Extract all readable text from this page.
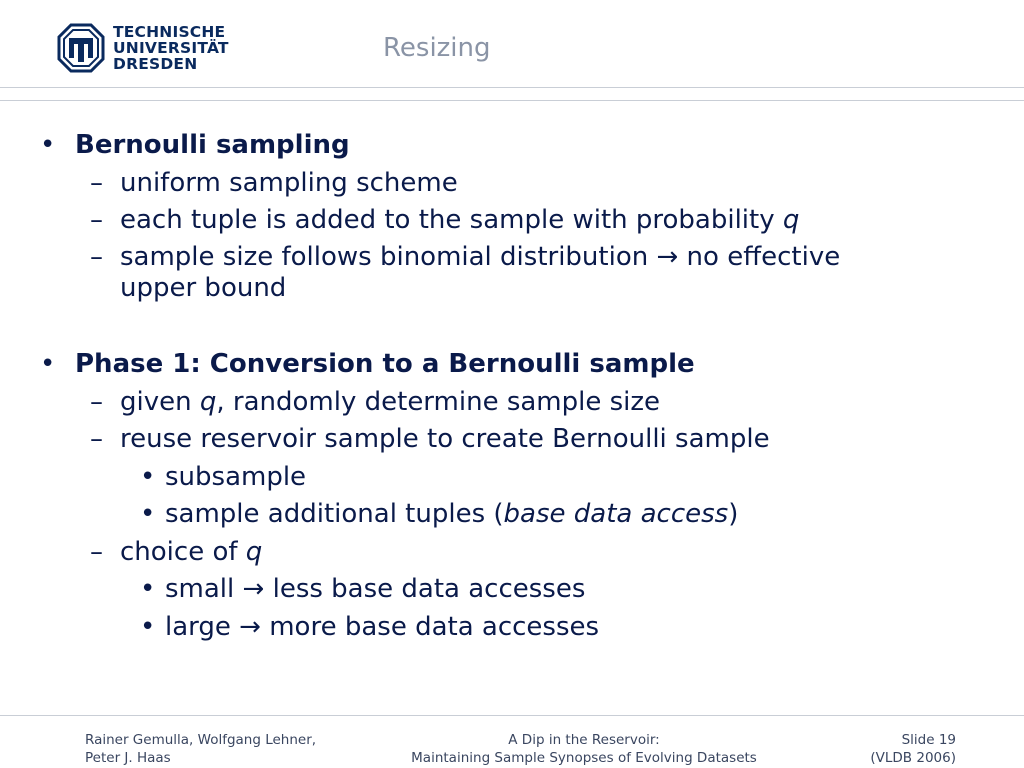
TECHNISCHE
UNIVERSITÄT
DRESDEN
Resizing
• Bernoulli sampling
– uniform sampling scheme
– each tuple is added to the sample with probability q
– sample size follows binomial distribution → no effective
upper bound
• Phase 1: Conversion to a Bernoulli sample
– given q, randomly determine sample size
– reuse reservoir sample to create Bernoulli sample
• subsample
• sample additional tuples (base data access)
– choice of q
• small → less base data accesses
• large → more base data accesses
Rainer Gemulla, Wolfgang Lehner,
Peter J. Haas
A Dip in the Reservoir:
Maintaining Sample Synopses of Evolving Datasets
Slide 19
(VLDB 2006)
